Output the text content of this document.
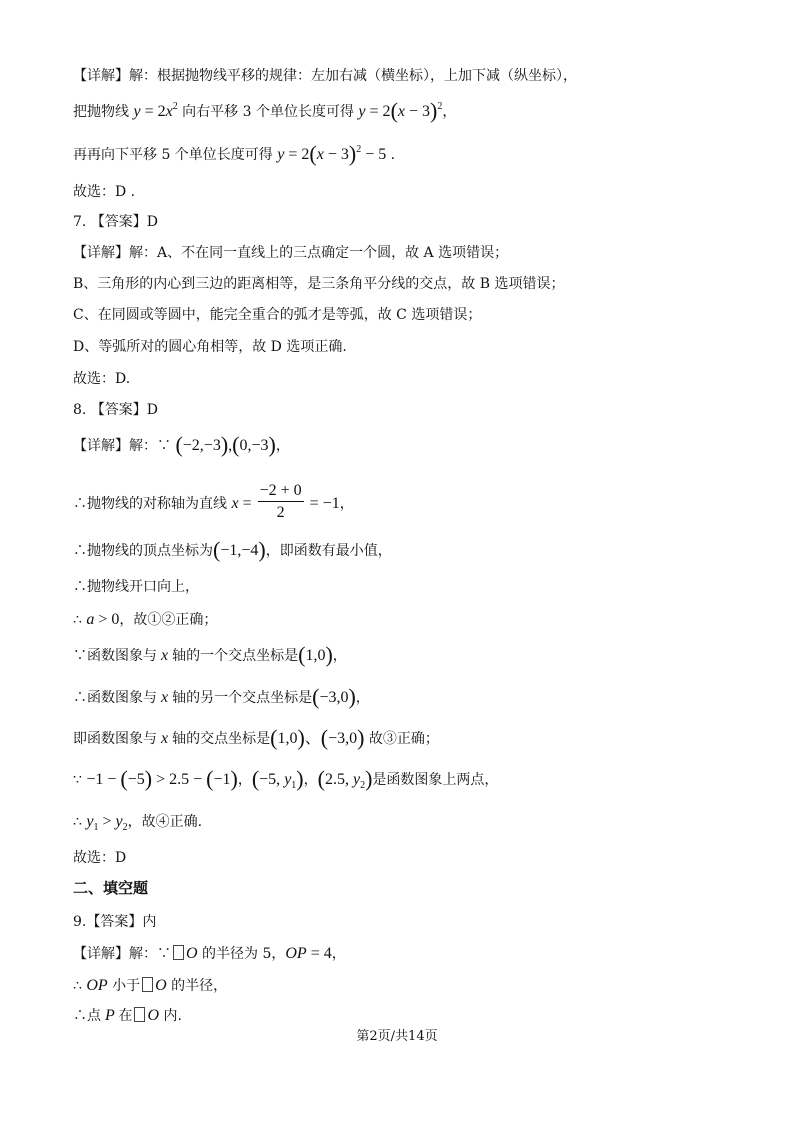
【详解】解：根据抛物线平移的规律：左加右减（横坐标），上加下减（纵坐标），
把抛物线 $y = 2x^2$ 向右平移 3 个单位长度可得 $y = 2(x - 3)^2$，
再再向下平移 5 个单位长度可得 $y = 2(x - 3)^2 - 5$ .
故选：D .
7. 【答案】D
【详解】解：A、不在同一直线上的三点确定一个圆，故 A 选项错误；
B、三角形的内心到三边的距离相等，是三条角平分线的交点，故 B 选项错误；
C、在同圆或等圆中，能完全重合的弧才是等弧，故 C 选项错误；
D、等弧所对的圆心角相等，故 D 选项正确.
故选：D.
8. 【答案】D
【详解】解：∵ (−2,−3),(0,−3)，
∴抛物线的对称轴为直线 $x = \frac{-2 + 0}{2} = -1$，
∴抛物线的顶点坐标为(−1,−4)，即函数有最小值，
∴抛物线开口向上，
∴ a > 0，故①②正确；
∵函数图象与 x 轴的一个交点坐标是(1,0)，
∴函数图象与 x 轴的另一个交点坐标是(−3,0)，
即函数图象与 x 轴的交点坐标是(1,0)、(−3,0) 故③正确；
∵ −1 − (−5) > 2.5 − (−1)，(−5, $y_1$)，(2.5, $y_2$)是函数图象上两点，
∴ $y_1 > y_2$，故④正确.
故选：D
二、填空题
9.【答案】内
【详解】解：∵ O 的半径为 5，OP = 4，
∴ OP 小于 O 的半径，
∴点 P 在 O 内.
第2页/共14页
